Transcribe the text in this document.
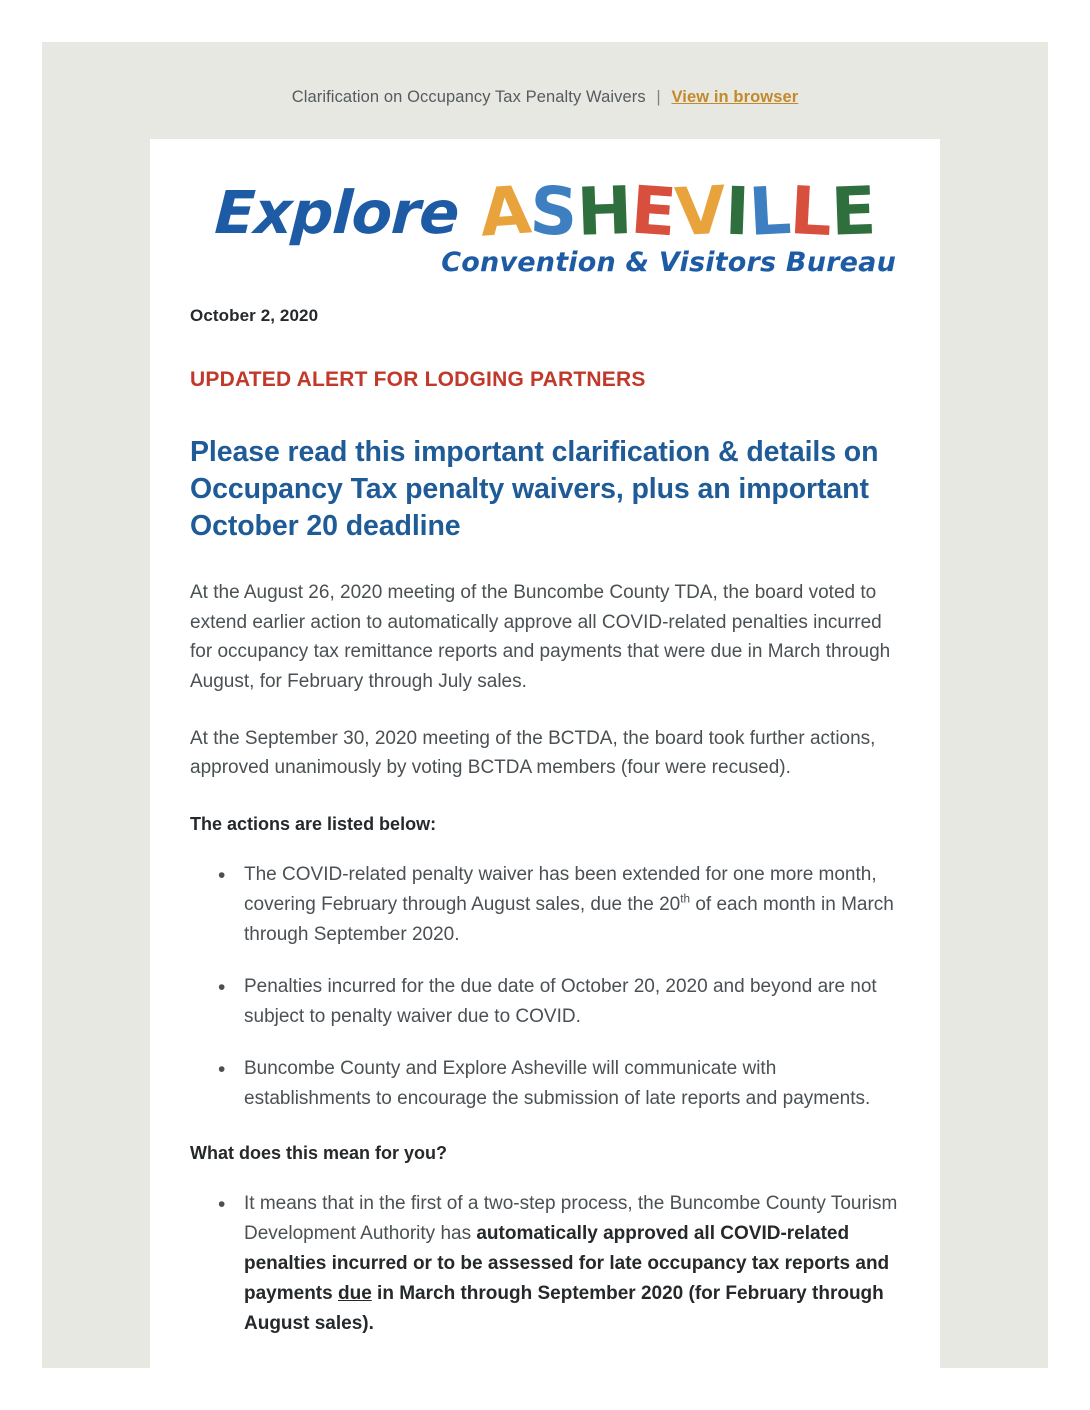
Clarification on Occupancy Tax Penalty Waivers | View in browser
Explore A S H E V I L L E
Convention & Visitors Bureau
October 2, 2020
UPDATED ALERT FOR LODGING PARTNERS
Please read this important clarification & details on Occupancy Tax penalty waivers, plus an important October 20 deadline

At the August 26, 2020 meeting of the Buncombe County TDA, the board voted to extend earlier action to automatically approve all COVID-related penalties incurred for occupancy tax remittance reports and payments that were due in March through August, for February through July sales.

At the September 30, 2020 meeting of the BCTDA, the board took further actions, approved unanimously by voting BCTDA members (four were recused).

The actions are listed below:

• The COVID-related penalty waiver has been extended for one more month, covering February through August sales, due the 20th of each month in March through September 2020.
• Penalties incurred for the due date of October 20, 2020 and beyond are not subject to penalty waiver due to COVID.
• Buncombe County and Explore Asheville will communicate with establishments to encourage the submission of late reports and payments.

What does this mean for you?

• It means that in the first of a two-step process, the Buncombe County Tourism Development Authority has automatically approved all COVID-related penalties incurred or to be assessed for late occupancy tax reports and payments due in March through September 2020 (for February through August sales).
